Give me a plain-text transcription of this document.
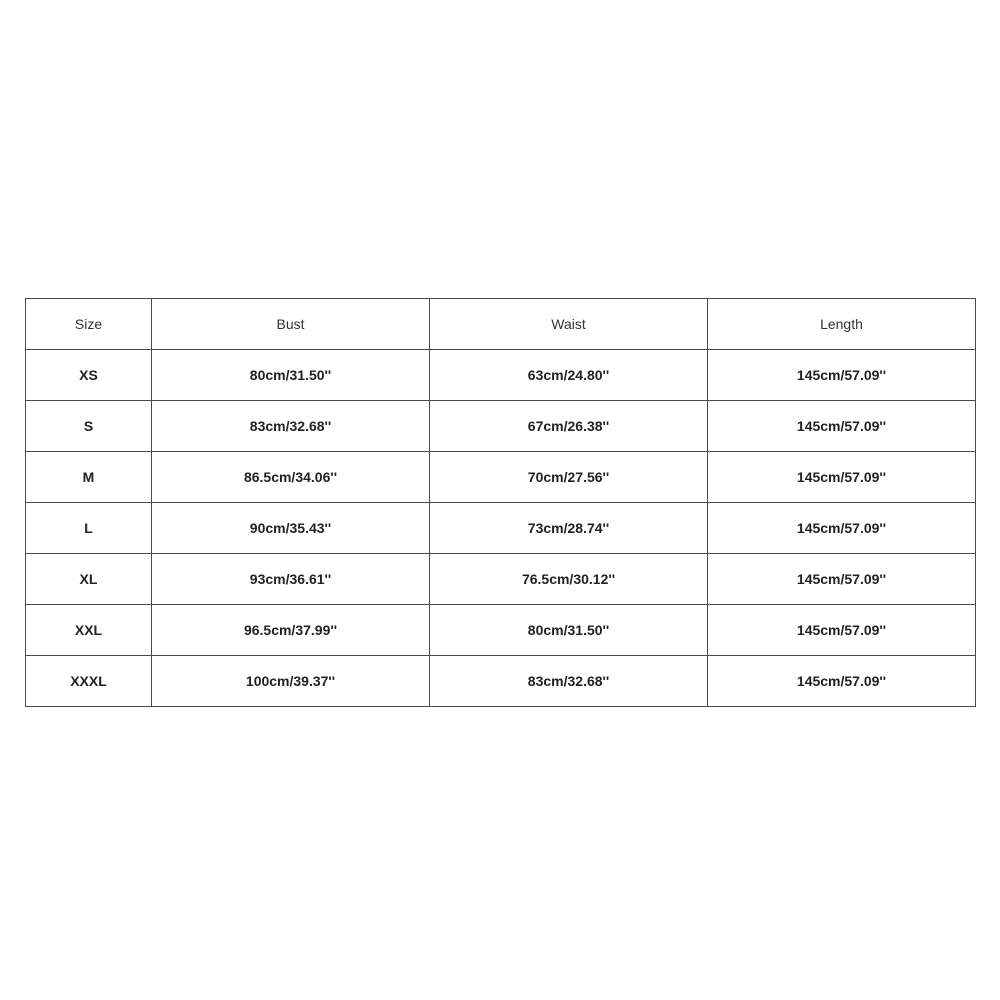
Size	Bust	Waist	Length
XS	80cm/31.50''	63cm/24.80''	145cm/57.09''
S	83cm/32.68''	67cm/26.38''	145cm/57.09''
M	86.5cm/34.06''	70cm/27.56''	145cm/57.09''
L	90cm/35.43''	73cm/28.74''	145cm/57.09''
XL	93cm/36.61''	76.5cm/30.12''	145cm/57.09''
XXL	96.5cm/37.99''	80cm/31.50''	145cm/57.09''
XXXL	100cm/39.37''	83cm/32.68''	145cm/57.09''
